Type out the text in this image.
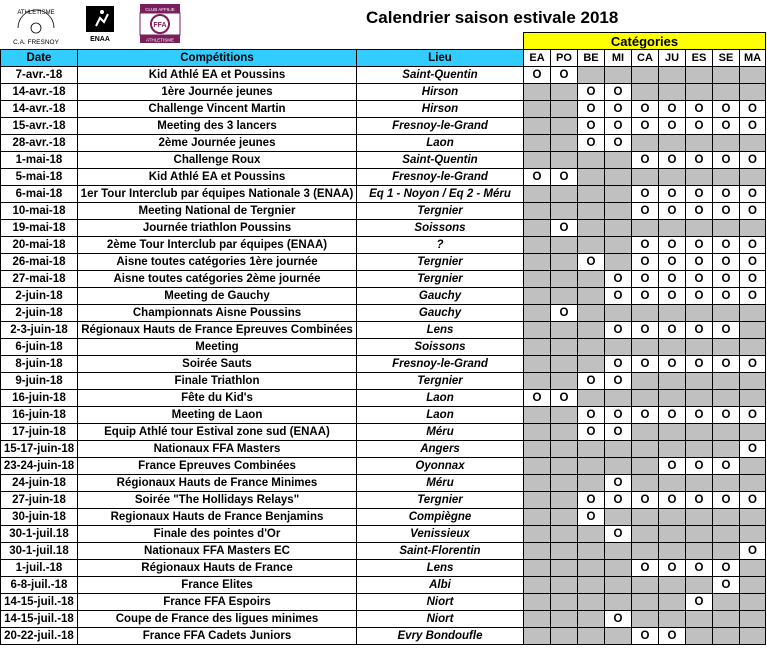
ATHLETISME
C.A. FRESNOY	ENAA
CLUB AFFILIE
FFA
ATHLETISME
Calendrier saison estivale 2018
			Catégories								
Date	Compétitions	Lieu	EA	PO	BE	MI	CA	JU	ES	SE	MA
7-avr.-18	Kid Athlé EA et Poussins	Saint-Quentin	O	O							
14-avr.-18	1ère Journée jeunes	Hirson			O	O					
14-avr.-18	Challenge Vincent Martin	Hirson			O	O	O	O	O	O	O
15-avr.-18	Meeting des 3 lancers	Fresnoy-le-Grand			O	O	O	O	O	O	O
28-avr.-18	2ème Journée jeunes	Laon			O	O					
1-mai-18	Challenge Roux	Saint-Quentin					O	O	O	O	O
5-mai-18	Kid Athlé EA et Poussins	Fresnoy-le-Grand	O	O							
6-mai-18	1er Tour Interclub par équipes Nationale 3 (ENAA)	Eq 1 - Noyon / Eq 2 - Méru					O	O	O	O	O
10-mai-18	Meeting National de Tergnier	Tergnier					O	O	O	O	O
19-mai-18	Journée triathlon Poussins	Soissons		O							
20-mai-18	2ème Tour Interclub par équipes (ENAA)	?					O	O	O	O	O
26-mai-18	Aisne toutes catégories 1ère journée	Tergnier			O		O	O	O	O	O
27-mai-18	Aisne toutes catégories 2ème journée	Tergnier				O	O	O	O	O	O
2-juin-18	Meeting de Gauchy	Gauchy				O	O	O	O	O	O
2-juin-18	Championnats Aisne Poussins	Gauchy		O							
2-3-juin-18	Régionaux Hauts de France Epreuves Combinées	Lens				O	O	O	O	O	
6-juin-18	Meeting	Soissons									
8-juin-18	Soirée Sauts	Fresnoy-le-Grand				O	O	O	O	O	O
9-juin-18	Finale Triathlon	Tergnier			O	O					
16-juin-18	Fête du Kid's	Laon	O	O							
16-juin-18	Meeting de Laon	Laon			O	O	O	O	O	O	O
17-juin-18	Equip Athlé tour Estival zone sud (ENAA)	Méru			O	O					
15-17-juin-18	Nationaux FFA Masters	Angers									O
23-24-juin-18	France Epreuves Combinées	Oyonnax						O	O	O	
24-juin-18	Régionaux Hauts de France Minimes	Méru				O					
27-juin-18	Soirée "The Hollidays Relays"	Tergnier			O	O	O	O	O	O	O
30-juin-18	Regionaux Hauts de France Benjamins	Compiègne			O						
30-1-juil.18	Finale des pointes d'Or	Venissieux				O					
30-1-juil.18	Nationaux FFA Masters EC	Saint-Florentin									O
1-juil.-18	Régionaux Hauts de France	Lens					O	O	O	O	
6-8-juil.-18	France Elites	Albi								O	
14-15-juil.-18	France FFA Espoirs	Niort							O		
14-15-juil.-18	Coupe de France des ligues minimes	Niort				O					
20-22-juil.-18	France FFA Cadets Juniors	Evry Bondoufle					O	O			
